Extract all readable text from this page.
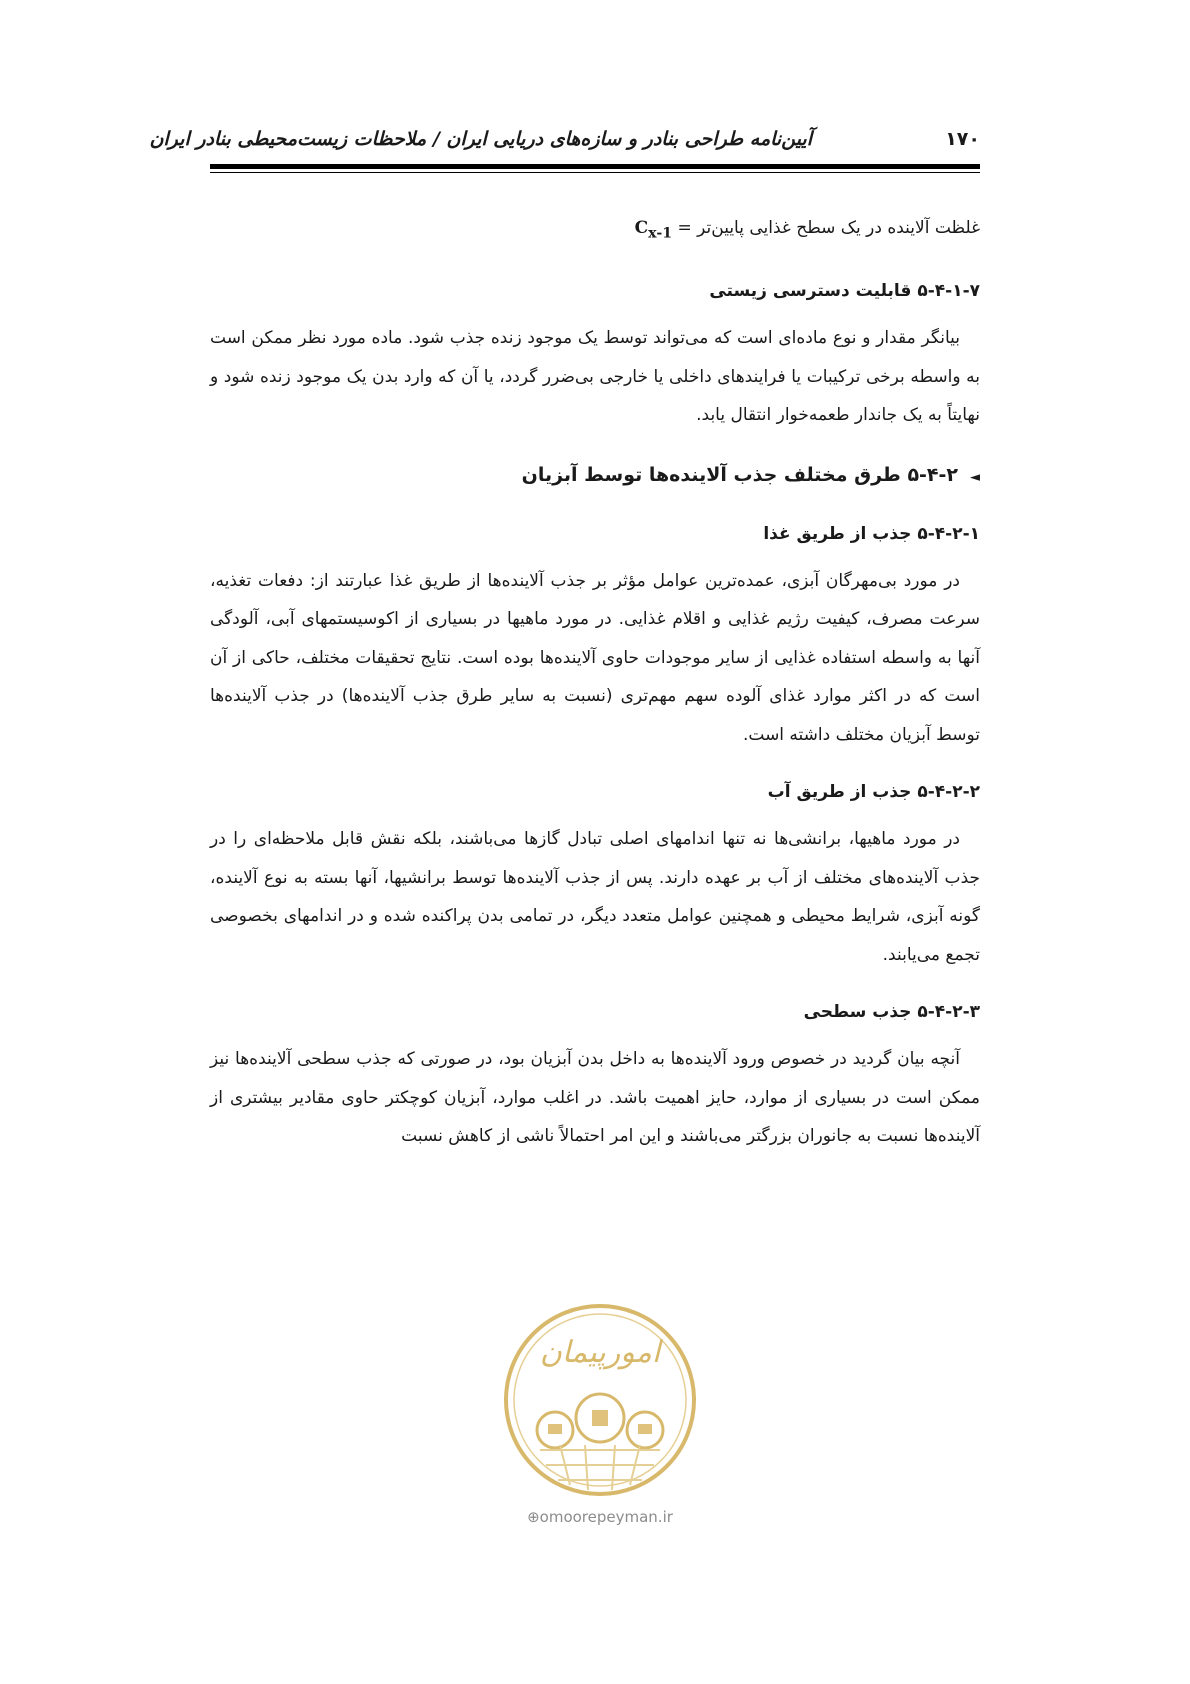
۱۷۰
آیین‌نامه طراحی بنادر و سازه‌های دریایی ایران / ملاحظات زیست‌محیطی بنادر ایران
غلظت آلاینده در یک سطح غذایی پایین‌تر = $C_{x-1}$
۵-۴-۱-۷ قابلیت دسترسی زیستی

بیانگر مقدار و نوع ماده‌ای است که می‌تواند توسط یک موجود زنده جذب شود. ماده مورد نظر ممکن است به واسطه برخی ترکیبات یا فرایندهای داخلی یا خارجی بی‌ضرر گردد، یا آن که وارد بدن یک موجود زنده شود و نهایتاً به یک جاندار طعمه‌خوار انتقال یابد.

◄۵-۴-۲ طرق مختلف جذب آلاینده‌ها توسط آبزیان
۵-۴-۲-۱ جذب از طریق غذا

در مورد بی‌مهرگان آبزی، عمده‌ترین عوامل مؤثر بر جذب آلاینده‌ها از طریق غذا عبارتند از: دفعات تغذیه، سرعت مصرف، کیفیت رژیم غذایی و اقلام غذایی. در مورد ماهیها در بسیاری از اکوسیستمهای آبی، آلودگی آنها به واسطه استفاده غذایی از سایر موجودات حاوی آلاینده‌ها بوده است. نتایج تحقیقات مختلف، حاکی از آن است که در اکثر موارد غذای آلوده سهم مهم‌تری (نسبت به سایر طرق جذب آلاینده‌ها) در جذب آلاینده‌ها توسط آبزیان مختلف داشته است.

۵-۴-۲-۲ جذب از طریق آب

در مورد ماهیها، برانشی‌ها نه تنها اندامهای اصلی تبادل گازها می‌باشند، بلکه نقش قابل ملاحظه‌ای را در جذب آلاینده‌های مختلف از آب بر عهده دارند. پس از جذب آلاینده‌ها توسط برانشیها، آنها بسته به نوع آلاینده، گونه آبزی، شرایط محیطی و همچنین عوامل متعدد دیگر، در تمامی بدن پراکنده شده و در اندامهای بخصوصی تجمع می‌یابند.

۵-۴-۲-۳ جذب سطحی

آنچه بیان گردید در خصوص ورود آلاینده‌ها به داخل بدن آبزیان بود، در صورتی که جذب سطحی آلاینده‌ها نیز ممکن است در بسیاری از موارد، حایز اهمیت باشد. در اغلب موارد، آبزیان کوچکتر حاوی مقادیر بیشتری از آلاینده‌ها نسبت به جانوران بزرگتر می‌باشند و این امر احتمالاً ناشی از کاهش نسبت

امورپیمان
⊕omoorepeyman.ir
